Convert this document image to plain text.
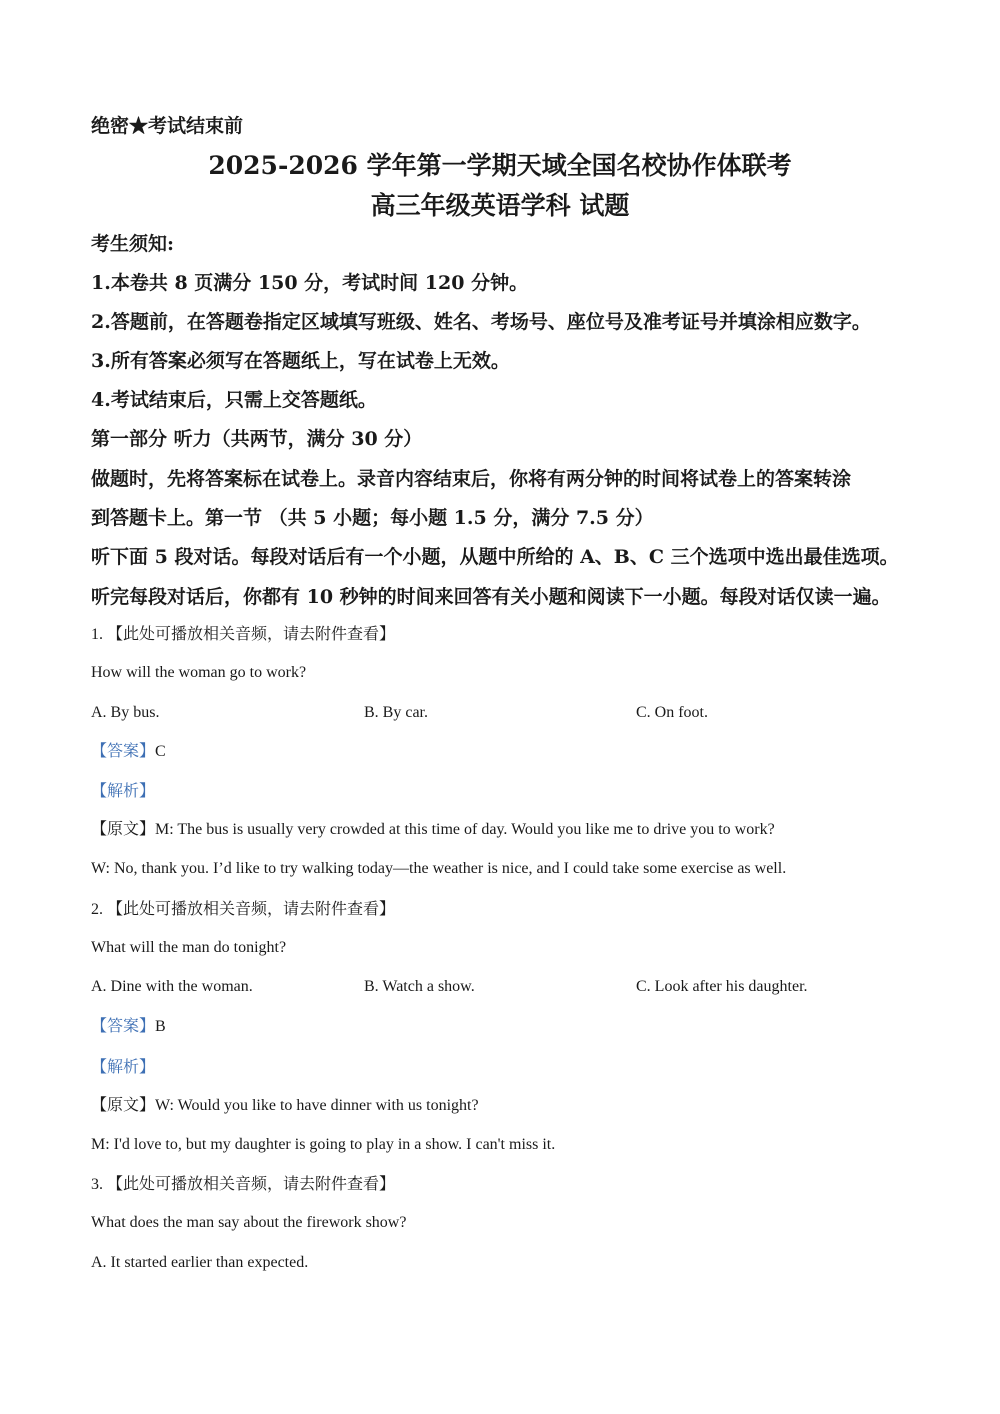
绝密★考试结束前
2025-2026 学年第一学期天域全国名校协作体联考
高三年级英语学科 试题
考生须知:
1.本卷共 8 页满分 150 分，考试时间 120 分钟。
2.答题前，在答题卷指定区域填写班级、姓名、考场号、座位号及准考证号并填涂相应数字。
3.所有答案必须写在答题纸上，写在试卷上无效。
4.考试结束后，只需上交答题纸。
第一部分 听力（共两节，满分 30 分）
做题时，先将答案标在试卷上。录音内容结束后，你将有两分钟的时间将试卷上的答案转涂
到答题卡上。第一节 （共 5 小题；每小题 1.5 分，满分 7.5 分）
听下面 5 段对话。每段对话后有一个小题，从题中所给的 A、B、C 三个选项中选出最佳选项。
听完每段对话后，你都有 10 秒钟的时间来回答有关小题和阅读下一小题。每段对话仅读一遍。
1. 【此处可播放相关音频，请去附件查看】
How will the woman go to work?
A. By bus.	B. By car.	C. On foot.
【答案】C
【解析】
【原文】M: The bus is usually very crowded at this time of day. Would you like me to drive you to work?
W: No, thank you. I’d like to try walking today—the weather is nice, and I could take some exercise as well.
2. 【此处可播放相关音频，请去附件查看】
What will the man do tonight?
A. Dine with the woman.	B. Watch a show.	C. Look after his daughter.
【答案】B
【解析】
【原文】W: Would you like to have dinner with us tonight?
M: I'd love to, but my daughter is going to play in a show. I can't miss it.
3. 【此处可播放相关音频，请去附件查看】
What does the man say about the firework show?
A. It started earlier than expected.
